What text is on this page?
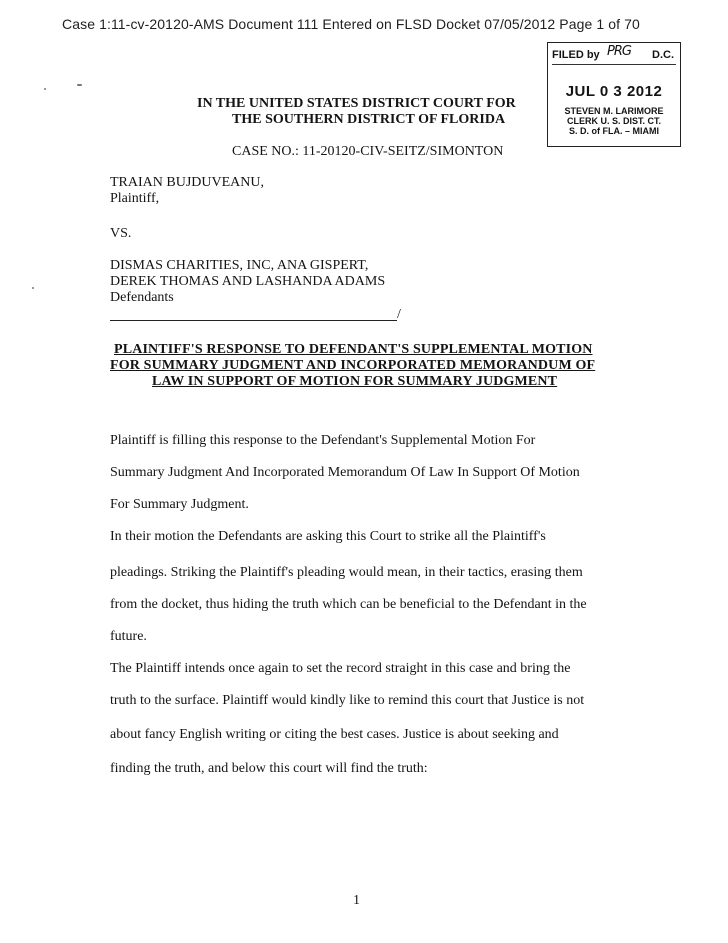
Case 1:11-cv-20120-AMS Document 111 Entered on FLSD Docket 07/05/2012 Page 1 of 70
FILED by PRG D.C.
JUL 0 3 2012
STEVEN M. LARIMORE
CLERK U. S. DIST. CT.
S. D. of FLA. – MIAMI
IN THE UNITED STATES DISTRICT COURT FOR
THE SOUTHERN DISTRICT OF FLORIDA
CASE NO.: 11-20120-CIV-SEITZ/SIMONTON
TRAIAN BUJDUVEANU,
Plaintiff,
VS.
DISMAS CHARITIES, INC, ANA GISPERT,
DEREK THOMAS AND LASHANDA ADAMS
Defendants
/
PLAINTIFF'S RESPONSE TO DEFENDANT'S SUPPLEMENTAL MOTION
FOR SUMMARY JUDGMENT AND INCORPORATED MEMORANDUM OF
LAW IN SUPPORT OF MOTION FOR SUMMARY JUDGMENT
Plaintiff is filling this response to the Defendant's Supplemental Motion For
Summary Judgment And Incorporated Memorandum Of Law In Support Of Motion
For Summary Judgment.
In their motion the Defendants are asking this Court to strike all the Plaintiff's
pleadings. Striking the Plaintiff's pleading would mean, in their tactics, erasing them
from the docket, thus hiding the truth which can be beneficial to the Defendant in the
future.
The Plaintiff intends once again to set the record straight in this case and bring the
truth to the surface. Plaintiff would kindly like to remind this court that Justice is not
about fancy English writing or citing the best cases. Justice is about seeking and
finding the truth, and below this court will find the truth:
1
